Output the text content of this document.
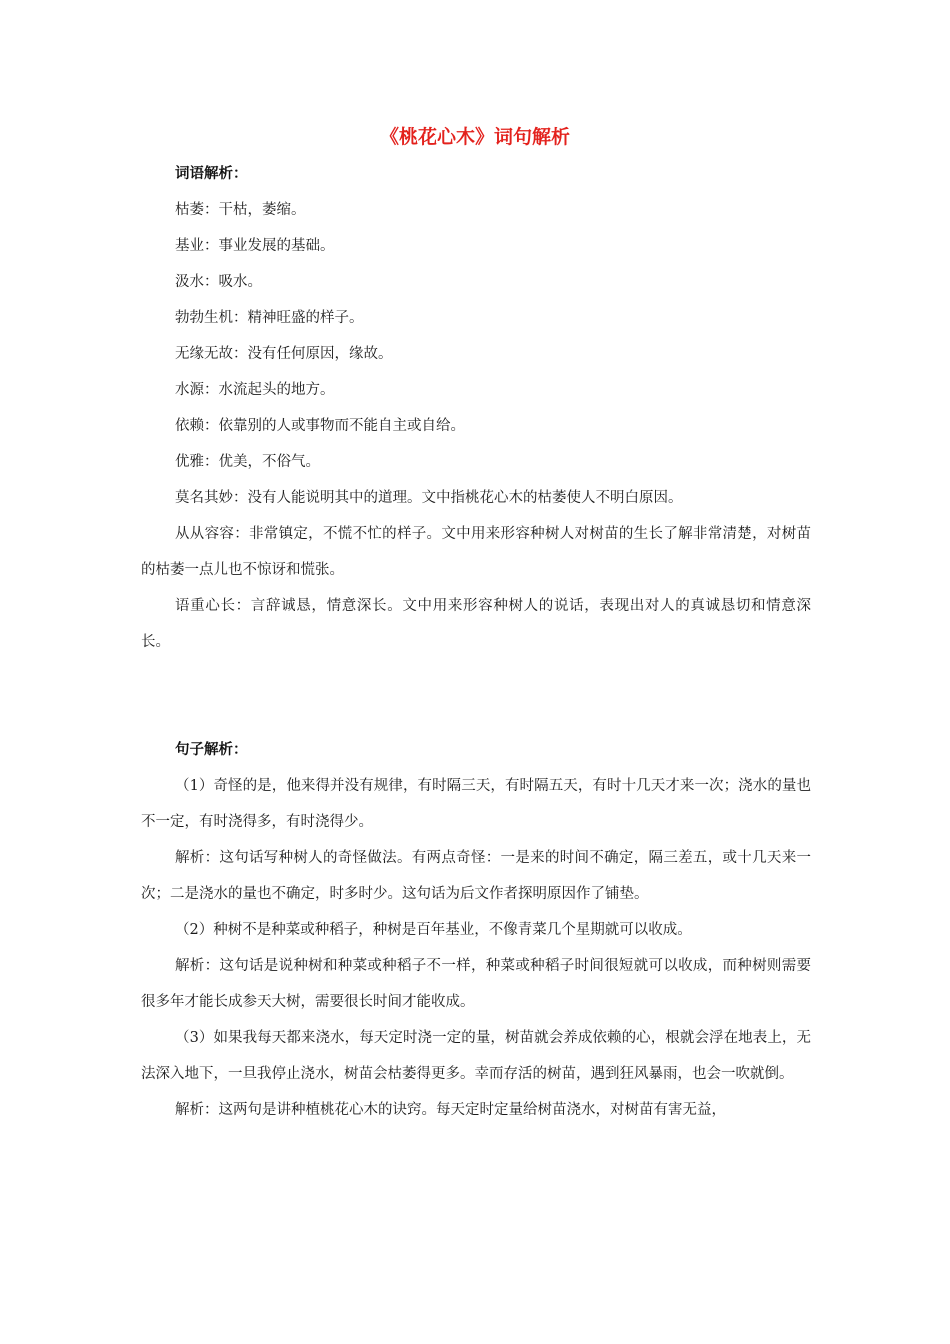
《桃花心木》词句解析
词语解析：

枯萎：干枯，萎缩。

基业：事业发展的基础。

汲水：吸水。

勃勃生机：精神旺盛的样子。

无缘无故：没有任何原因，缘故。

水源：水流起头的地方。

依赖：依靠别的人或事物而不能自主或自给。

优雅：优美，不俗气。

莫名其妙：没有人能说明其中的道理。文中指桃花心木的枯萎使人不明白原因。

从从容容：非常镇定，不慌不忙的样子。文中用来形容种树人对树苗的生长了解非常清楚，对树苗的枯萎一点儿也不惊讶和慌张。

语重心长：言辞诚恳，情意深长。文中用来形容种树人的说话，表现出对人的真诚恳切和情意深长。

句子解析：

（1）奇怪的是，他来得并没有规律，有时隔三天，有时隔五天，有时十几天才来一次；浇水的量也不一定，有时浇得多，有时浇得少。

解析：这句话写种树人的奇怪做法。有两点奇怪：一是来的时间不确定，隔三差五，或十几天来一次；二是浇水的量也不确定，时多时少。这句话为后文作者探明原因作了铺垫。

（2）种树不是种菜或种稻子，种树是百年基业，不像青菜几个星期就可以收成。

解析：这句话是说种树和种菜或种稻子不一样，种菜或种稻子时间很短就可以收成，而种树则需要很多年才能长成参天大树，需要很长时间才能收成。

（3）如果我每天都来浇水，每天定时浇一定的量，树苗就会养成依赖的心，根就会浮在地表上，无法深入地下，一旦我停止浇水，树苗会枯萎得更多。幸而存活的树苗，遇到狂风暴雨，也会一吹就倒。

解析：这两句是讲种植桃花心木的诀窍。每天定时定量给树苗浇水，对树苗有害无益，
